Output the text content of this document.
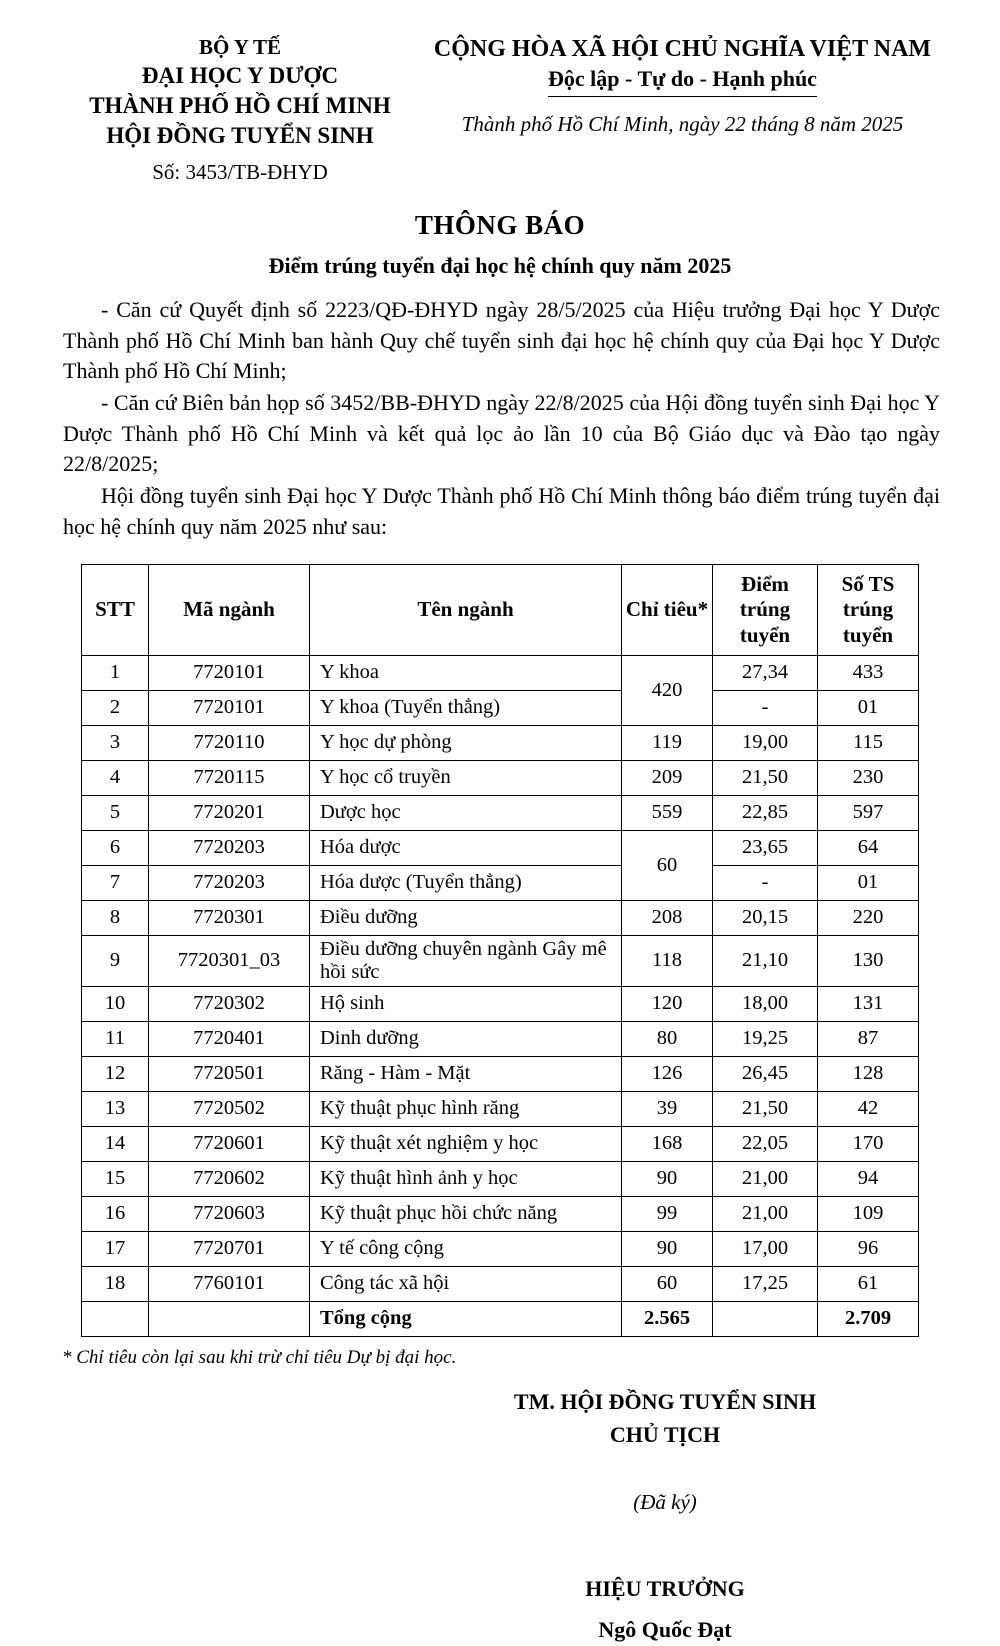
BỘ Y TẾ
ĐẠI HỌC Y DƯỢC
THÀNH PHỐ HỒ CHÍ MINH
HỘI ĐỒNG TUYỂN SINH
Số: 3453/TB-ĐHYD
CỘNG HÒA XÃ HỘI CHỦ NGHĨA VIỆT NAM
Độc lập - Tự do - Hạnh phúc
Thành phố Hồ Chí Minh, ngày 22 tháng 8 năm 2025
THÔNG BÁO
Điểm trúng tuyển đại học hệ chính quy năm 2025

- Căn cứ Quyết định số 2223/QĐ-ĐHYD ngày 28/5/2025 của Hiệu trưởng Đại học Y Dược Thành phố Hồ Chí Minh ban hành Quy chế tuyển sinh đại học hệ chính quy của Đại học Y Dược Thành phố Hồ Chí Minh;

- Căn cứ Biên bản họp số 3452/BB-ĐHYD ngày 22/8/2025 của Hội đồng tuyển sinh Đại học Y Dược Thành phố Hồ Chí Minh và kết quả lọc ảo lần 10 của Bộ Giáo dục và Đào tạo ngày 22/8/2025;

Hội đồng tuyển sinh Đại học Y Dược Thành phố Hồ Chí Minh thông báo điểm trúng tuyển đại học hệ chính quy năm 2025 như sau:

STT	Mã ngành	Tên ngành	Chỉ tiêu*	Điểm trúng tuyển	Số TS trúng tuyển
1	7720101	Y khoa	420	27,34	433
2	7720101	Y khoa (Tuyển thẳng)		-	01
3	7720110	Y học dự phòng	119	19,00	115
4	7720115	Y học cổ truyền	209	21,50	230
5	7720201	Dược học	559	22,85	597
6	7720203	Hóa dược	60	23,65	64
7	7720203	Hóa dược (Tuyển thẳng)		-	01
8	7720301	Điều dưỡng	208	20,15	220
9	7720301_03	Điều dưỡng chuyên ngành Gây mê hồi sức	118	21,10	130
10	7720302	Hộ sinh	120	18,00	131
11	7720401	Dinh dưỡng	80	19,25	87
12	7720501	Răng - Hàm - Mặt	126	26,45	128
13	7720502	Kỹ thuật phục hình răng	39	21,50	42
14	7720601	Kỹ thuật xét nghiệm y học	168	22,05	170
15	7720602	Kỹ thuật hình ảnh y học	90	21,00	94
16	7720603	Kỹ thuật phục hồi chức năng	99	21,00	109
17	7720701	Y tế công cộng	90	17,00	96
18	7760101	Công tác xã hội	60	17,25	61
		Tổng cộng	2.565		2.709
* Chỉ tiêu còn lại sau khi trừ chỉ tiêu Dự bị đại học.
TM. HỘI ĐỒNG TUYỂN SINH
CHỦ TỊCH
(Đã ký)
HIỆU TRƯỞNG
Ngô Quốc Đạt
